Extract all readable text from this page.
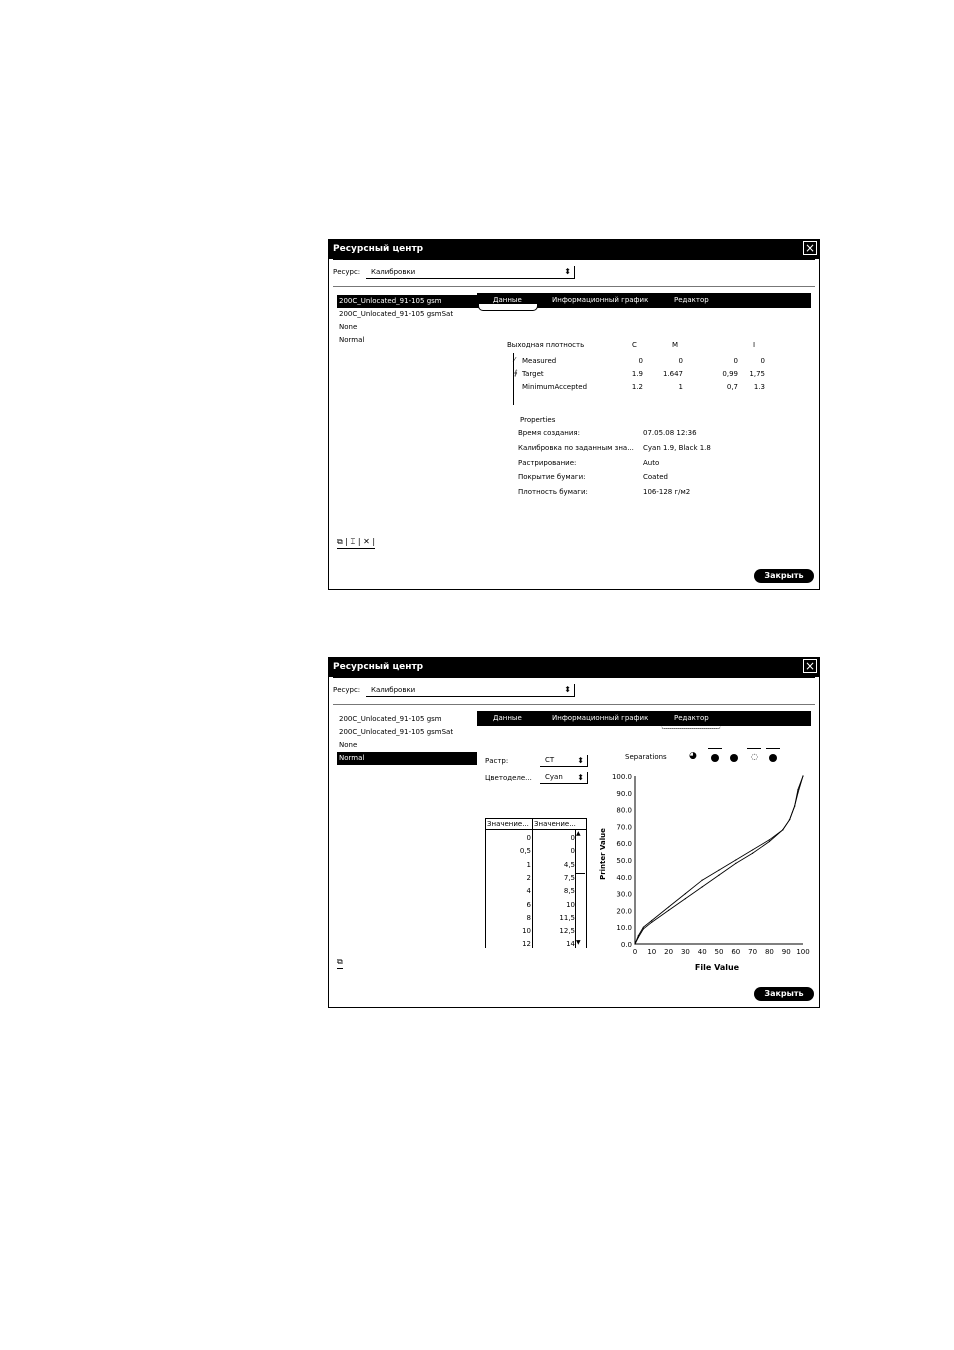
Ресурсный центр	×
Ресурс:	Калибровки	⬍
200C_Unlocated_91-105 gsm
200C_Unlocated_91-105 gsmSat
None
Normal
Данные	Информационный график	Редактор
Выходная плотность	C	M	I
⁄ Measured	0	0	0	0
∮ Target	1.9	1.647	0,99	1,75
MinimumAccepted	1.2	1	0,7	1.3
Properties
Время создания:	07.05.08 12:36
Калибровка по заданным зна... Cyan 1.9, Black 1.8
Растрирование:	Auto
Покрытие бумаги:	Coated
Плотность бумаги:	106-128 г/м2
⧉ | ⌶ | ✕ |
Закрыть
Ресурсный центр	×
Ресурс:	Калибровки	⬍
200C_Unlocated_91-105 gsm
200C_Unlocated_91-105 gsmSat
None
Normal
Данные	Информационный график	Редактор
Растр:	CT	⬍
Цветоделе...	Cyan ⬍
Значение... Значение...
▲
▼
0	0
0,5	0
1	4,5
2	7,5
4	8,5
6	10
8	11,5
10	12,5
12	14
Separations ◕	◌
0.0
10.0
20.0
30.0
40.0
50.0
60.0
70.0
80.0
90.0
100.0
0 10 20 30 40 50 60 70 80 90 100
File Value
Printer Value
⧉
Закрыть
